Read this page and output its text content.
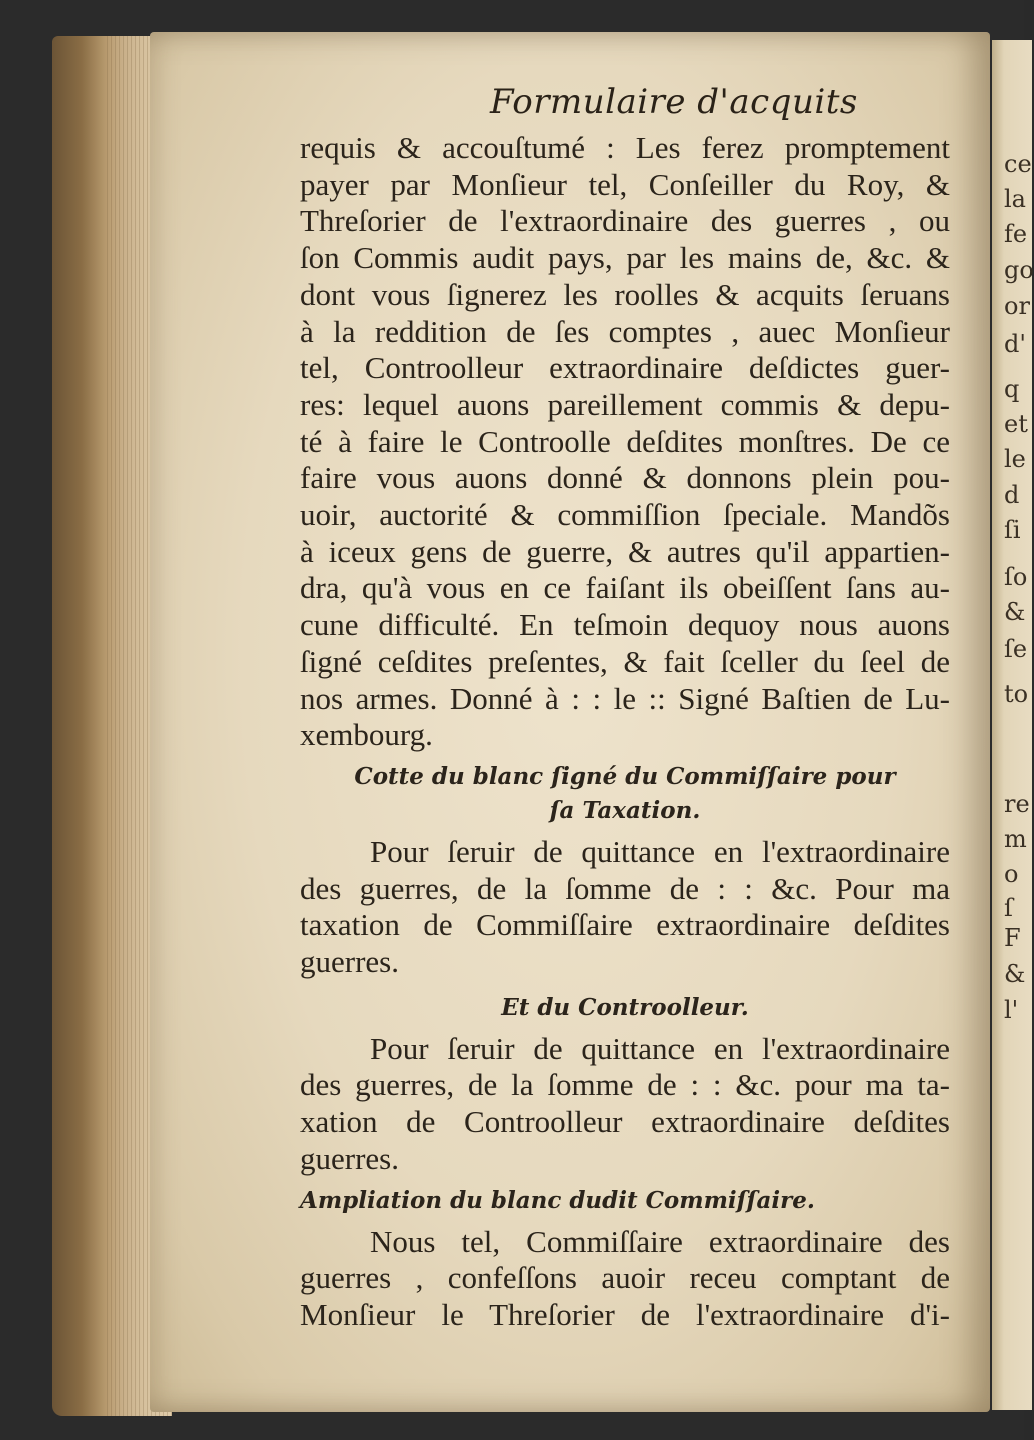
ce
la
fe
go
or
d'
q
et
le
d
ſi
ſo
&
ſe
to
re
m
o
ſ
F
&
l'
Formulaire d'acquits
requis & accouſtumé : Les ferez promptement
payer par Monſieur tel, Conſeiller du Roy, &
Threſorier de l'extraordinaire des guerres , ou
ſon Commis audit pays, par les mains de, &c. &
dont vous ſignerez les roolles & acquits ſeruans
à la reddition de ſes comptes , auec Monſieur
tel, Controolleur extraordinaire deſdictes guer-
res: lequel auons pareillement commis & depu-
té à faire le Controolle deſdites monſtres. De ce
faire vous auons donné & donnons plein pou-
uoir, auctorité & commiſſion ſpeciale. Mandõs
à iceux gens de guerre, & autres qu'il appartien-
dra, qu'à vous en ce faiſant ils obeiſſent ſans au-
cune difficulté. En teſmoin dequoy nous auons
ſigné ceſdites preſentes, & fait ſceller du ſeel de
nos armes. Donné à : : le :: Signé Baſtien de Lu-
xembourg.
Cotte du blanc ſigné du Commiſſaire pour
ſa Taxation.
Pour ſeruir de quittance en l'extraordinaire
des guerres, de la ſomme de : : &c. Pour ma
taxation de Commiſſaire extraordinaire deſdites
guerres.
Et du Controolleur.
Pour ſeruir de quittance en l'extraordinaire
des guerres, de la ſomme de : : &c. pour ma ta-
xation de Controolleur extraordinaire deſdites
guerres.
Ampliation du blanc dudit Commiſſaire.
Nous tel, Commiſſaire extraordinaire des
guerres , confeſſons auoir receu comptant de
Monſieur le Threſorier de l'extraordinaire d'i-
